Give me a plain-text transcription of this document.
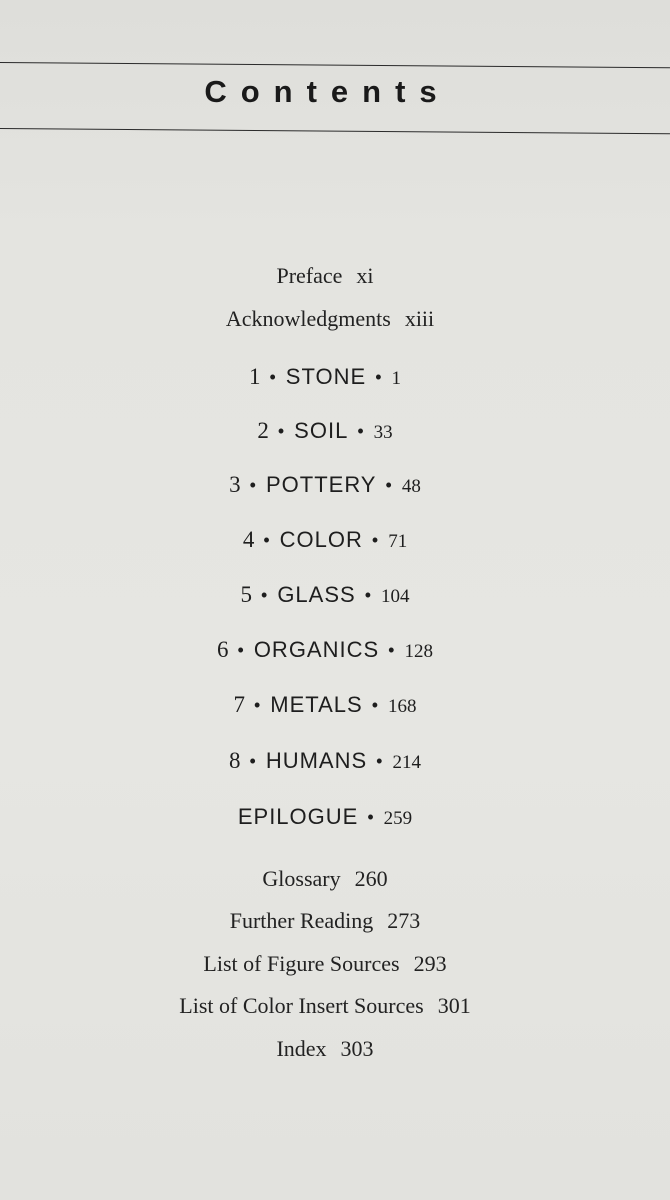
Contents
Preface xi
Acknowledgments xiii
1 • STONE • 1
2 • SOIL • 33
3 • POTTERY • 48
4 • COLOR • 71
5 • GLASS • 104
6 • ORGANICS • 128
7 • METALS • 168
8 • HUMANS • 214
EPILOGUE • 259
Glossary 260
Further Reading 273
List of Figure Sources 293
List of Color Insert Sources 301
Index 303
